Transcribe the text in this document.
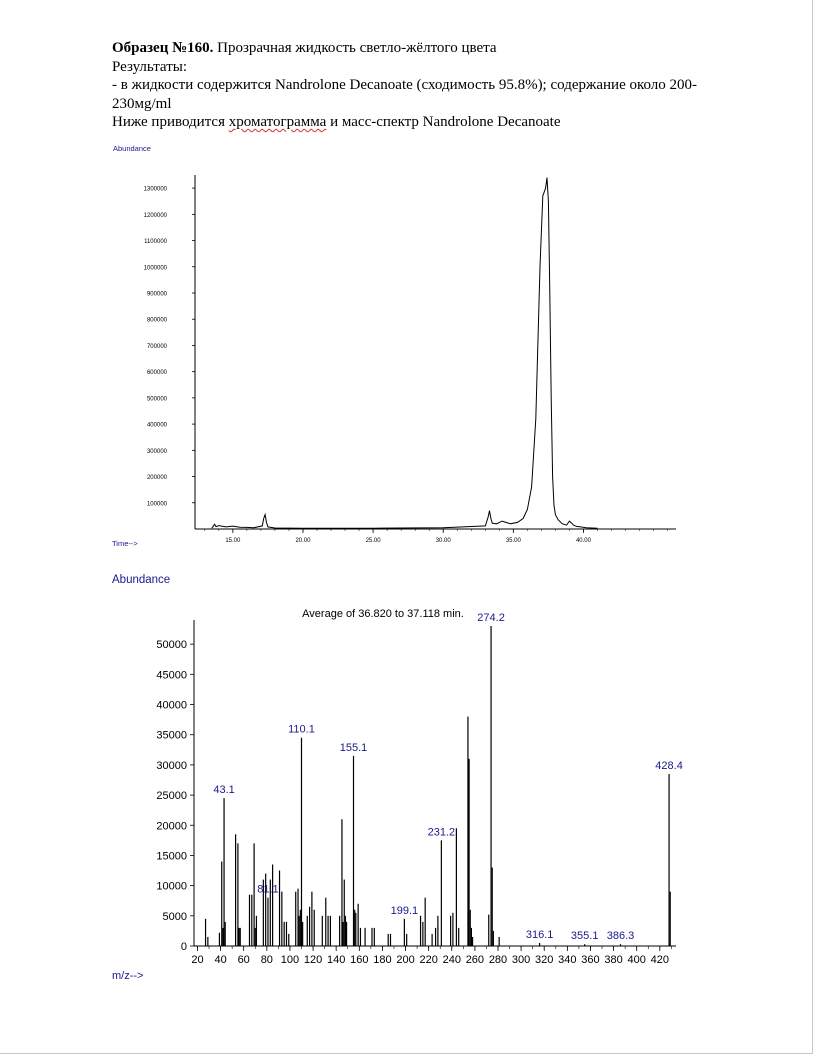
Образец №160. Прозрачная жидкость светло-жёлтого цвета

Результаты:

- в жидкости содержится Nandrolone Decanoate (сходимость 95.8%); содержание около 200-230мg/ml

Ниже приводится хроматограмма и масс-спектр Nandrolone Decanoate

Abundance
Time-->
100000
200000
300000
400000
500000
600000
700000
800000
900000
1000000
1100000
1200000
1300000
15.00	20.00	25.00	30.00	35.00	40.00
Abundance
m/z-->
Average of 36.820 to 37.118 min.
0
5000
10000
15000
20000
25000
30000
35000
40000
45000
50000
20 40 60 80 100 120 140 160 180 200 220 240 260 280 300 320 340 360 380 400 420
43.1
81.1
110.1
155.1
199.1
231.2
274.2
316.1 355.1 386.3
428.4
